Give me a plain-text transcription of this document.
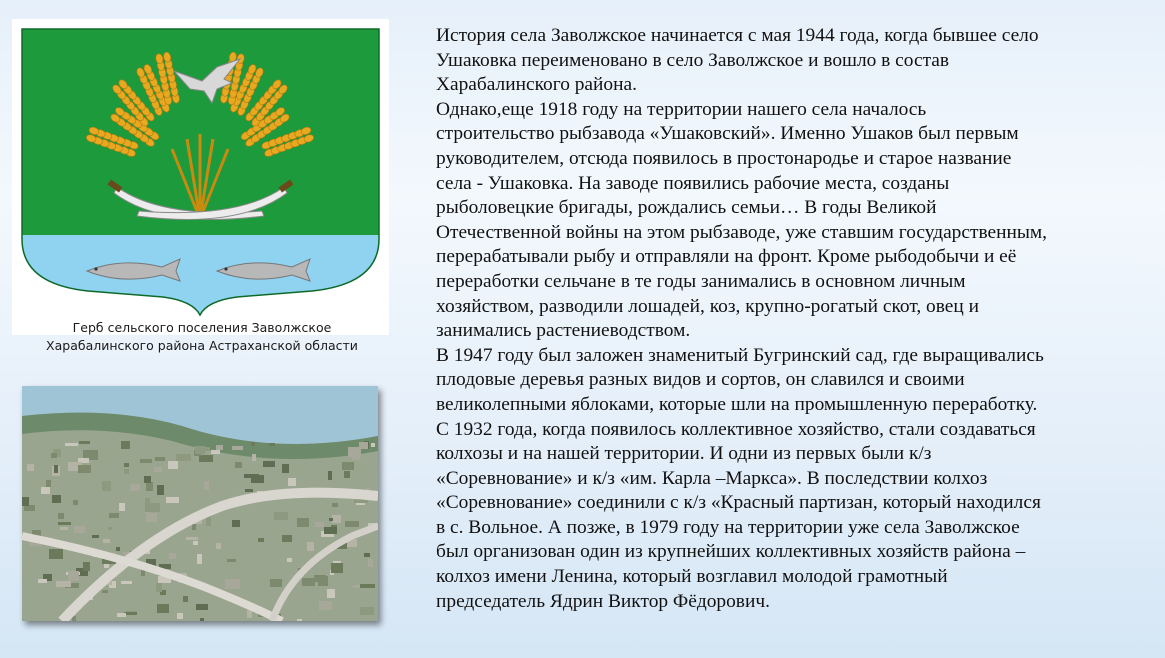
Герб сельского поселения Заволжское
Харабалинского района Астраханской области
История села Заволжское начинается с мая 1944 года, когда бывшее село
Ушаковка переименовано в село Заволжское и вошло в состав
Харабалинского района.
Однако,еще 1918 году на территории нашего села началось
строительство рыбзавода «Ушаковский». Именно Ушаков был первым
руководителем, отсюда появилось в простонародье и старое название
села - Ушаковка. На заводе появились рабочие места, созданы
рыболовецкие бригады, рождались семьи… В годы Великой
Отечественной войны на этом рыбзаводе, уже ставшим государственным,
перерабатывали рыбу и отправляли на фронт. Кроме рыбодобычи и её
переработки сельчане в те годы занимались в основном личным
хозяйством, разводили лошадей, коз, крупно-рогатый скот, овец и
занимались растениеводством.
В 1947 году был заложен знаменитый Бугринский сад, где выращивались
плодовые деревья разных видов и сортов, он славился и своими
великолепными яблоками, которые шли на промышленную переработку.
С 1932 года, когда появилось коллективное хозяйство, стали создаваться
колхозы и на нашей территории. И одни из первых были к/з
«Соревнование» и к/з «им. Карла –Маркса». В последствии колхоз
«Соревнование» соединили с к/з «Красный партизан, который находился
в с. Вольное. А позже, в 1979 году на территории уже села Заволжское
был организован один из крупнейших коллективных хозяйств района –
колхоз имени Ленина, который возглавил молодой грамотный
председатель Ядрин Виктор Фёдорович.
